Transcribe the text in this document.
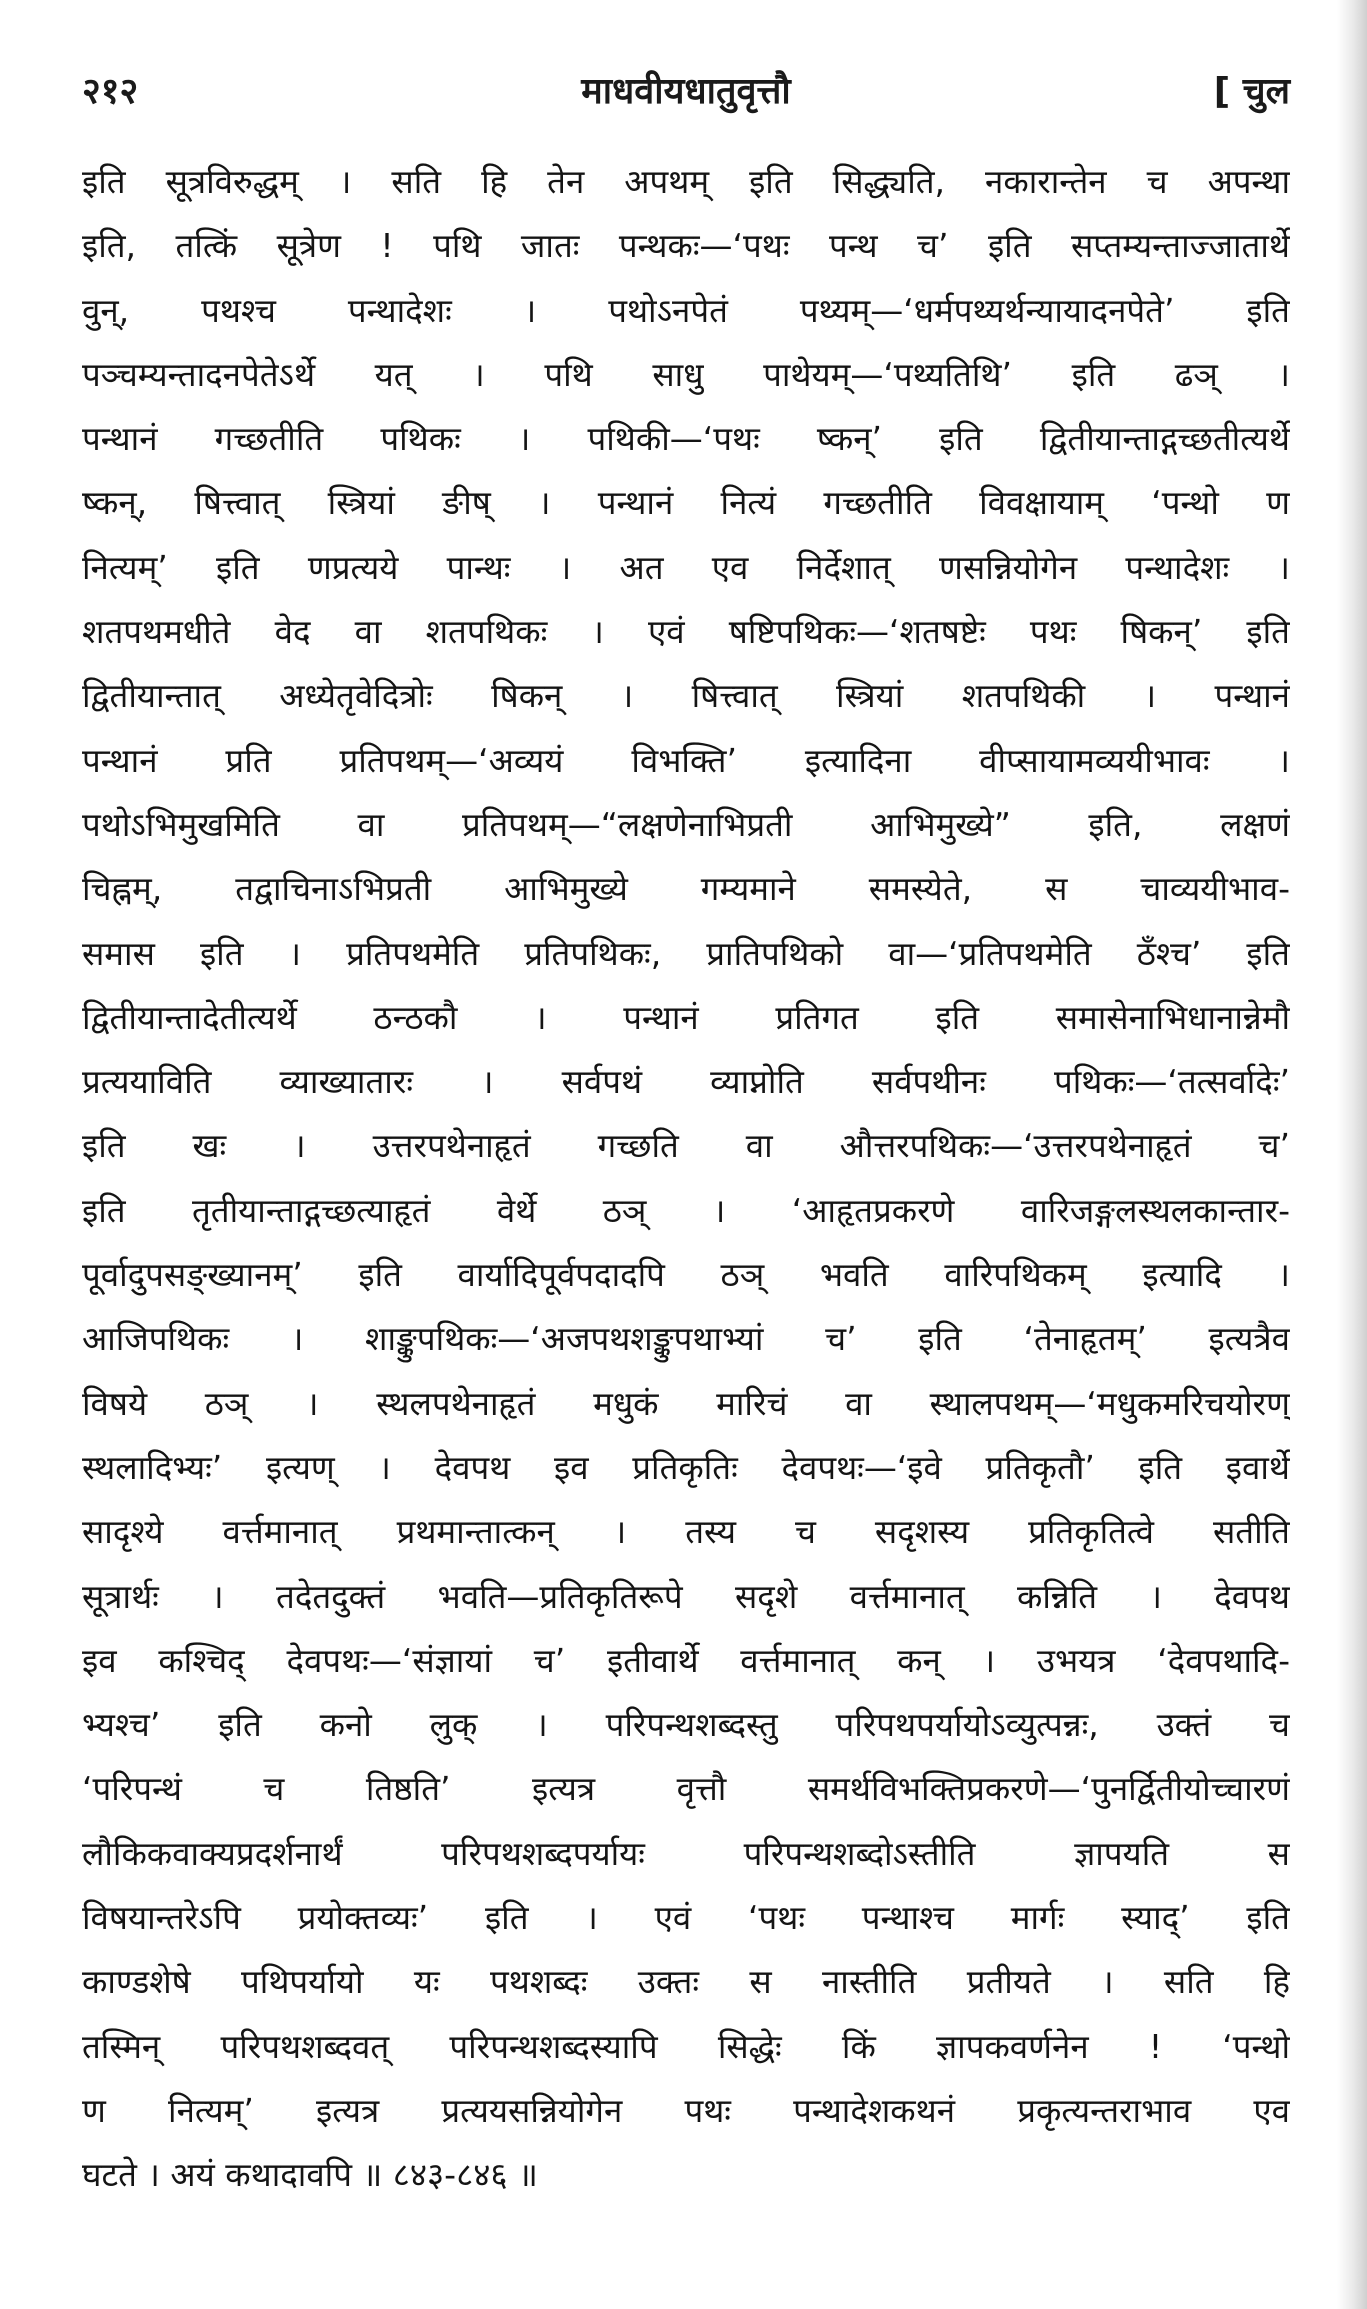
२१२	माधवीयधातुवृत्तौ	[ चुल
इति सूत्रविरुद्धम् । सति हि तेन अपथम् इति सिद्ध्यति, नकारान्तेन च अपन्था
इति, तत्किं सूत्रेण ! पथि जातः पन्थकः—‘पथः पन्थ च’ इति सप्तम्यन्ताज्जातार्थे
वुन्, पथश्च पन्थादेशः । पथोऽनपेतं पथ्यम्—‘धर्मपथ्यर्थन्यायादनपेते’ इति
पञ्चम्यन्तादनपेतेऽर्थे यत् । पथि साधु पाथेयम्—‘पथ्यतिथि’ इति ढञ् ।
पन्थानं गच्छतीति पथिकः । पथिकी—‘पथः ष्कन्’ इति द्वितीयान्ताद्गच्छतीत्यर्थे
ष्कन्, षित्त्वात् स्त्रियां ङीष् । पन्थानं नित्यं गच्छतीति विवक्षायाम् ‘पन्थो ण
नित्यम्’ इति णप्रत्यये पान्थः । अत एव निर्देशात् णसन्नियोगेन पन्थादेशः ।
शतपथमधीते वेद वा शतपथिकः । एवं षष्टिपथिकः—‘शतषष्टेः पथः षिकन्’ इति
द्वितीयान्तात् अध्येतृवेदित्रोः षिकन् । षित्त्वात् स्त्रियां शतपथिकी । पन्थानं
पन्थानं प्रति प्रतिपथम्—‘अव्ययं विभक्ति’ इत्यादिना वीप्सायामव्ययीभावः ।
पथोऽभिमुखमिति वा प्रतिपथम्—“लक्षणेनाभिप्रती आभिमुख्ये” इति, लक्षणं
चिह्नम्, तद्वाचिनाऽभिप्रती आभिमुख्ये गम्यमाने समस्येते, स चाव्ययीभाव-
समास इति । प्रतिपथमेति प्रतिपथिकः, प्रातिपथिको वा—‘प्रतिपथमेति ठँश्च’ इति
द्वितीयान्तादेतीत्यर्थे ठन्ठकौ । पन्थानं प्रतिगत इति समासेनाभिधानान्नेमौ
प्रत्ययाविति व्याख्यातारः । सर्वपथं व्याप्नोति सर्वपथीनः पथिकः—‘तत्सर्वादेः’
इति खः । उत्तरपथेनाहृतं गच्छति वा औत्तरपथिकः—‘उत्तरपथेनाहृतं च’
इति तृतीयान्ताद्गच्छत्याहृतं वेर्थे ठञ् । ‘आहृतप्रकरणे वारिजङ्गलस्थलकान्तार-
पूर्वादुपसङ्ख्यानम्’ इति वार्यादिपूर्वपदादपि ठञ् भवति वारिपथिकम् इत्यादि ।
आजिपथिकः । शाङ्कुपथिकः—‘अजपथशङ्कुपथाभ्यां च’ इति ‘तेनाहृतम्’ इत्यत्रैव
विषये ठञ् । स्थलपथेनाहृतं मधुकं मारिचं वा स्थालपथम्—‘मधुकमरिचयोरण्
स्थलादिभ्यः’ इत्यण् । देवपथ इव प्रतिकृतिः देवपथः—‘इवे प्रतिकृतौ’ इति इवार्थे
सादृश्ये वर्त्तमानात् प्रथमान्तात्कन् । तस्य च सदृशस्य प्रतिकृतित्वे सतीति
सूत्रार्थः । तदेतदुक्तं भवति—प्रतिकृतिरूपे सदृशे वर्त्तमानात् कन्निति । देवपथ
इव कश्चिद् देवपथः—‘संज्ञायां च’ इतीवार्थे वर्त्तमानात् कन् । उभयत्र ‘देवपथादि-
भ्यश्च’ इति कनो लुक् । परिपन्थशब्दस्तु परिपथपर्यायोऽव्युत्पन्नः, उक्तं च
‘परिपन्थं च तिष्ठति’ इत्यत्र वृत्तौ समर्थविभक्तिप्रकरणे—‘पुनर्द्वितीयोच्चारणं
लौकिकवाक्यप्रदर्शनार्थं परिपथशब्दपर्यायः परिपन्थशब्दोऽस्तीति ज्ञापयति स
विषयान्तरेऽपि प्रयोक्तव्यः’ इति । एवं ‘पथः पन्थाश्च मार्गः स्याद्’ इति
काण्डशेषे पथिपर्यायो यः पथशब्दः उक्तः स नास्तीति प्रतीयते । सति हि
तस्मिन् परिपथशब्दवत् परिपन्थशब्दस्यापि सिद्धेः किं ज्ञापकवर्णनेन ! ‘पन्थो
ण नित्यम्’ इत्यत्र प्रत्ययसन्नियोगेन पथः पन्थादेशकथनं प्रकृत्यन्तराभाव एव
घटते । अयं कथादावपि ॥ ८४३-८४६ ॥
